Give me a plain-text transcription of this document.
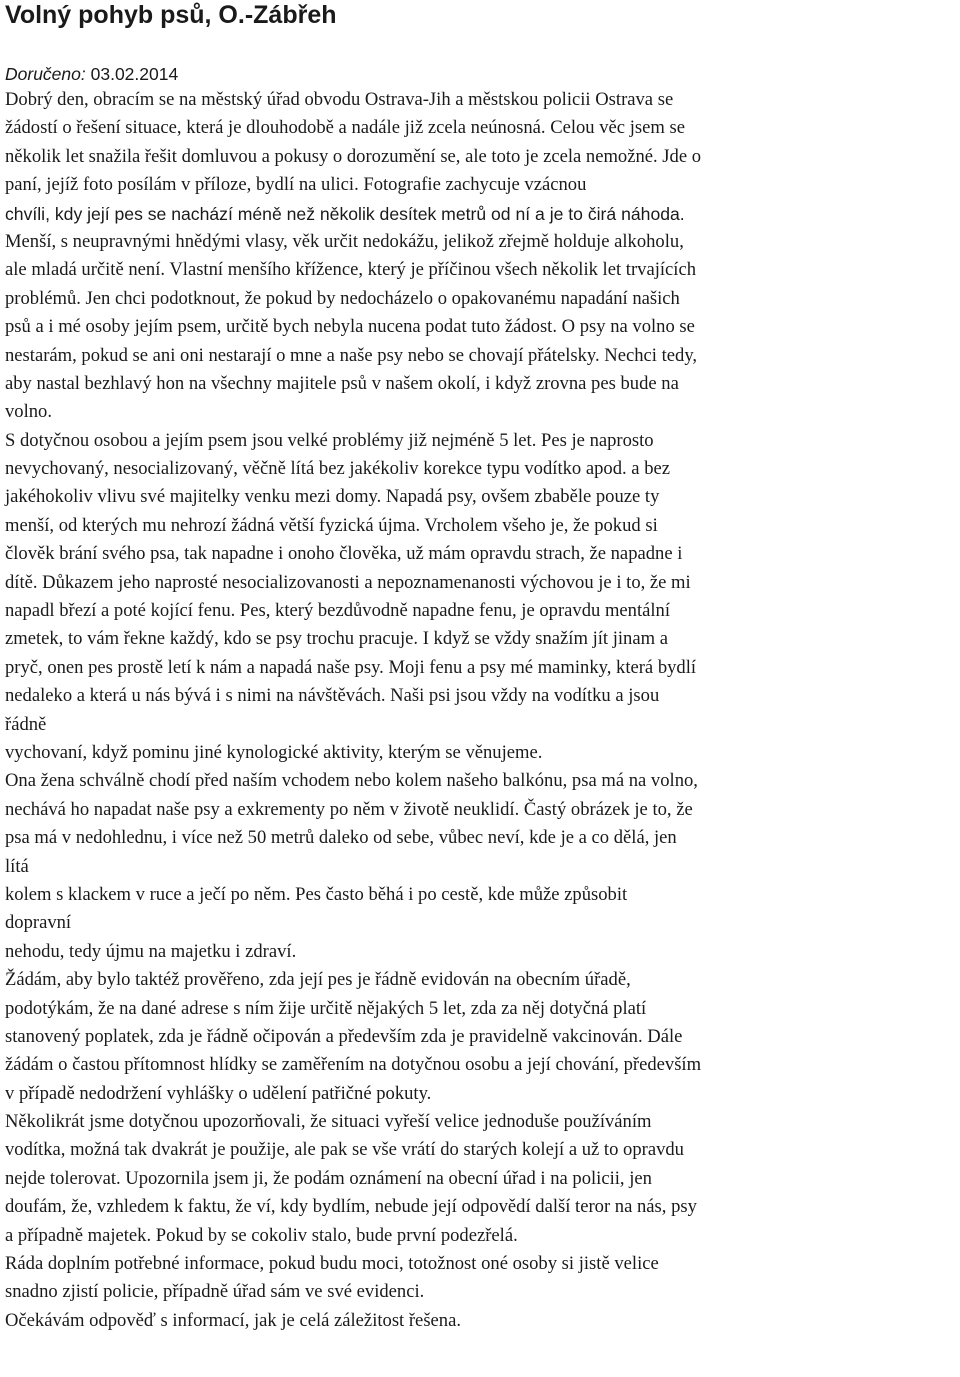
Volný pohyb psů, O.-Zábřeh
Doručeno: 03.02.2014
Dobrý den, obracím se na městský úřad obvodu Ostrava-Jih a městskou policii Ostrava se
žádostí o řešení situace, která je dlouhodobě a nadále již zcela neúnosná. Celou věc jsem se
několik let snažila řešit domluvou a pokusy o dorozumění se, ale toto je zcela nemožné. Jde o
paní, jejíž foto posílám v příloze, bydlí na ulici. Fotografie zachycuje vzácnou
chvíli, kdy její pes se nachází méně než několik desítek metrů od ní a je to čirá náhoda.
Menší, s neupravnými hnědými vlasy, věk určit nedokážu, jelikož zřejmě holduje alkoholu,
ale mladá určitě není. Vlastní menšího křížence, který je příčinou všech několik let trvajících
problémů. Jen chci podotknout, že pokud by nedocházelo o opakovanému napadání našich
psů a i mé osoby jejím psem, určitě bych nebyla nucena podat tuto žádost. O psy na volno se
nestarám, pokud se ani oni nestarají o mne a naše psy nebo se chovají přátelsky. Nechci tedy,
aby nastal bezhlavý hon na všechny majitele psů v našem okolí, i když zrovna pes bude na
volno.
S dotyčnou osobou a jejím psem jsou velké problémy již nejméně 5 let. Pes je naprosto
nevychovaný, nesocializovaný, věčně lítá bez jakékoliv korekce typu vodítko apod. a bez
jakéhokoliv vlivu své majitelky venku mezi domy. Napadá psy, ovšem zbaběle pouze ty
menší, od kterých mu nehrozí žádná větší fyzická újma. Vrcholem všeho je, že pokud si
člověk brání svého psa, tak napadne i onoho člověka, už mám opravdu strach, že napadne i
dítě. Důkazem jeho naprosté nesocializovanosti a nepoznamenanosti výchovou je i to, že mi
napadl březí a poté kojící fenu. Pes, který bezdůvodně napadne fenu, je opravdu mentální
zmetek, to vám řekne každý, kdo se psy trochu pracuje. I když se vždy snažím jít jinam a
pryč, onen pes prostě letí k nám a napadá naše psy. Moji fenu a psy mé maminky, která bydlí
nedaleko a která u nás bývá i s nimi na návštěvách. Naši psi jsou vždy na vodítku a jsou
řádně
vychovaní, když pominu jiné kynologické aktivity, kterým se věnujeme.
Ona žena schválně chodí před naším vchodem nebo kolem našeho balkónu, psa má na volno,
nechává ho napadat naše psy a exkrementy po něm v životě neuklidí. Častý obrázek je to, že
psa má v nedohlednu, i více než 50 metrů daleko od sebe, vůbec neví, kde je a co dělá, jen
lítá
kolem s klackem v ruce a ječí po něm. Pes často běhá i po cestě, kde může způsobit
dopravní
nehodu, tedy újmu na majetku i zdraví.
Žádám, aby bylo taktéž prověřeno, zda její pes je řádně evidován na obecním úřadě,
podotýkám, že na dané adrese s ním žije určitě nějakých 5 let, zda za něj dotyčná platí
stanovený poplatek, zda je řádně očipován a především zda je pravidelně vakcinován. Dále
žádám o častou přítomnost hlídky se zaměřením na dotyčnou osobu a její chování, především
v případě nedodržení vyhlášky o udělení patřičné pokuty.
Několikrát jsme dotyčnou upozorňovali, že situaci vyřeší velice jednoduše používáním
vodítka, možná tak dvakrát je použije, ale pak se vše vrátí do starých kolejí a už to opravdu
nejde tolerovat. Upozornila jsem ji, že podám oznámení na obecní úřad i na policii, jen
doufám, že, vzhledem k faktu, že ví, kdy bydlím, nebude její odpovědí další teror na nás, psy
a případně majetek. Pokud by se cokoliv stalo, bude první podezřelá.
Ráda doplním potřebné informace, pokud budu moci, totožnost oné osoby si jistě velice
snadno zjistí policie, případně úřad sám ve své evidenci.
Očekávám odpověď s informací, jak je celá záležitost řešena.
